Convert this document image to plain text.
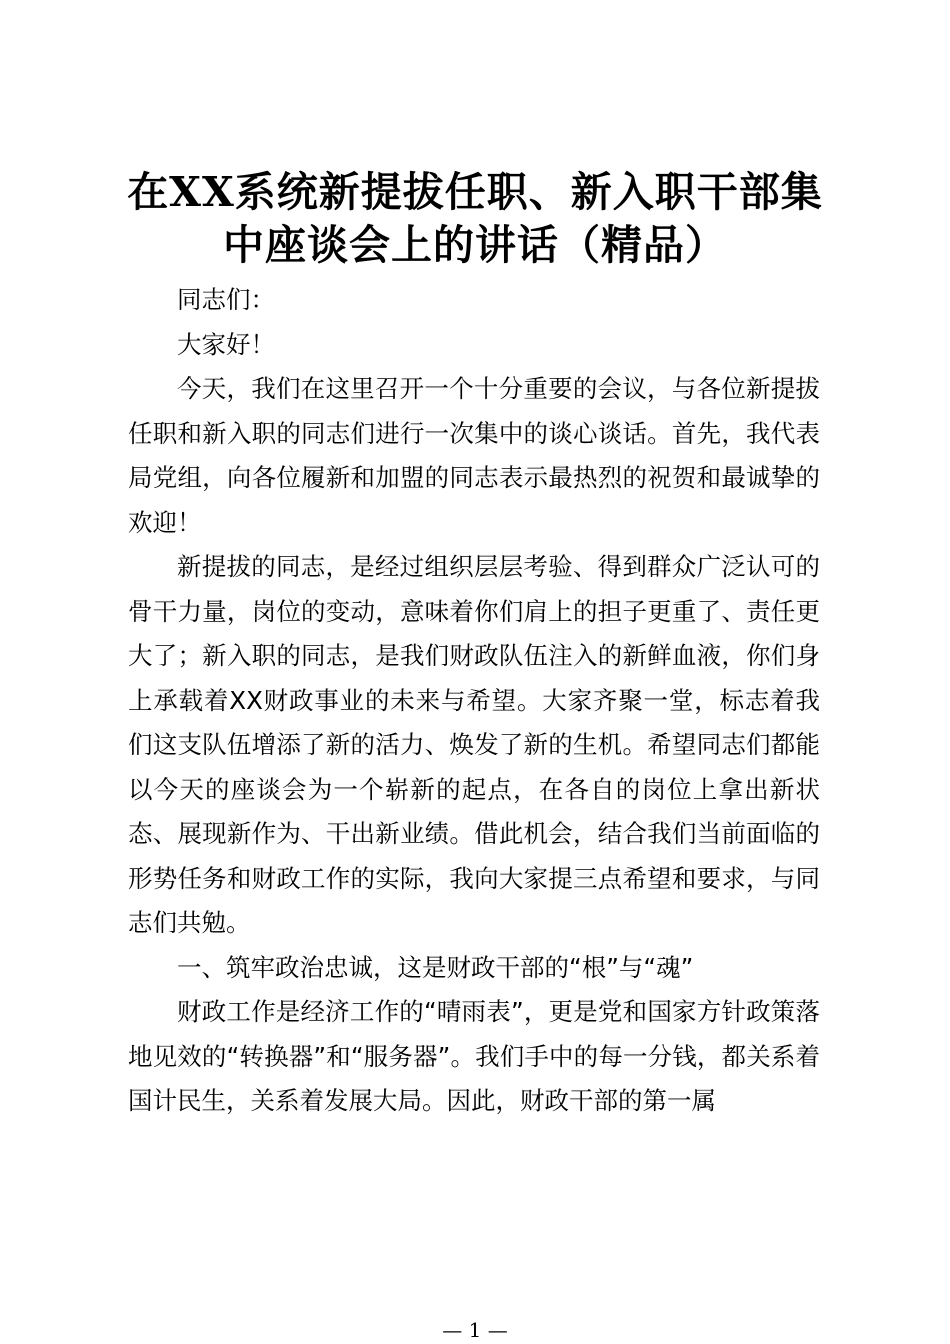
在XX系统新提拔任职、新入职干部集
中座谈会上的讲话（精品）

同志们：

大家好！

今天，我们在这里召开一个十分重要的会议，与各位新提拔任职和新入职的同志们进行一次集中的谈心谈话。首先，我代表局党组，向各位履新和加盟的同志表示最热烈的祝贺和最诚挚的欢迎！

新提拔的同志，是经过组织层层考验、得到群众广泛认可的骨干力量，岗位的变动，意味着你们肩上的担子更重了、责任更大了；新入职的同志，是我们财政队伍注入的新鲜血液，你们身上承载着XX财政事业的未来与希望。大家齐聚一堂，标志着我们这支队伍增添了新的活力、焕发了新的生机。希望同志们都能以今天的座谈会为一个崭新的起点，在各自的岗位上拿出新状态、展现新作为、干出新业绩。借此机会，结合我们当前面临的形势任务和财政工作的实际，我向大家提三点希望和要求，与同志们共勉。

一、筑牢政治忠诚，这是财政干部的“根”与“魂”

财政工作是经济工作的“晴雨表”，更是党和国家方针政策落地见效的“转换器”和“服务器”。我们手中的每一分钱，都关系着国计民生，关系着发展大局。因此，财政干部的第一属

— 1 —
